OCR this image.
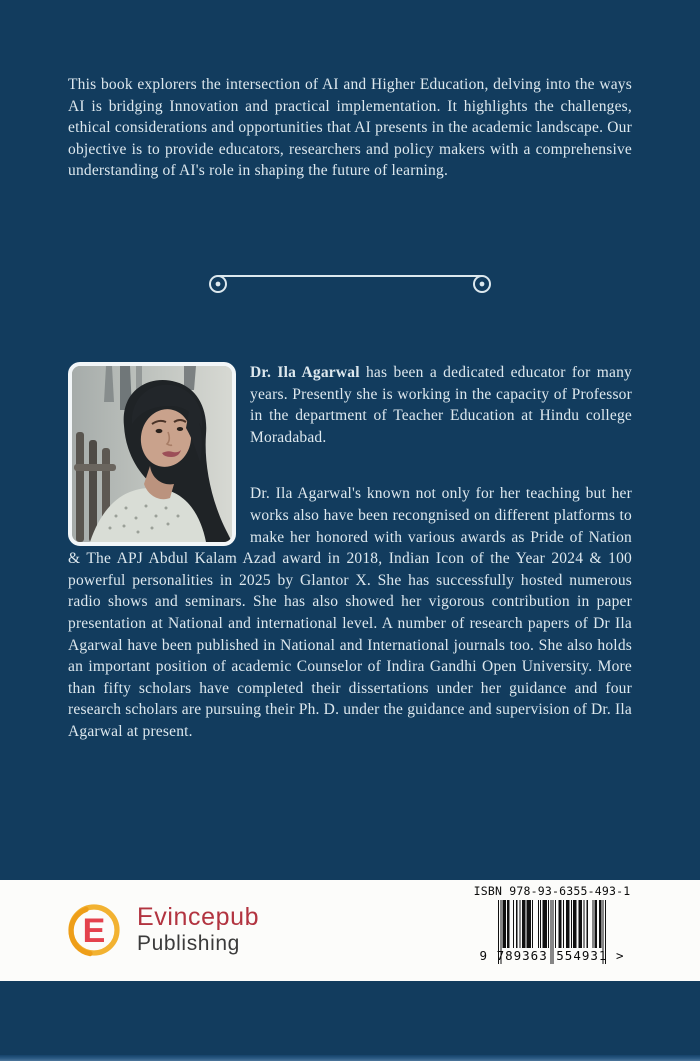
This book explorers the intersection of AI and Higher Education, delving into the ways AI is bridging Innovation and practical implementation. It highlights the challenges, ethical considerations and opportunities that AI presents in the academic landscape. Our objective is to provide educators, researchers and policy makers with a comprehensive understanding of AI's role in shaping the future of learning.

Dr. Ila Agarwal has been a dedicated educator for many years. Presently she is working in the capacity of Professor in the department of Teacher Education at Hindu college Moradabad.

Dr. Ila Agarwal's known not only for her teaching but her works also have been recongnised on different platforms to make her honored with various awards as Pride of Nation & The APJ Abdul Kalam Azad award in 2018, Indian Icon of the Year 2024 & 100 powerful personalities in 2025 by Glantor X. She has successfully hosted numerous radio shows and seminars. She has also showed her vigorous contribution in paper presentation at National and international level. A number of research papers of Dr Ila Agarwal have been published in National and International journals too. She also holds an important position of academic Counselor of Indira Gandhi Open University. More than fifty scholars have completed their dissertations under her guidance and four research scholars are pursuing their Ph. D. under the guidance and supervision of Dr. Ila Agarwal at present.

E Evincepub
Publishing
ISBN 978-93-6355-493-1
9 789363 554931 >
